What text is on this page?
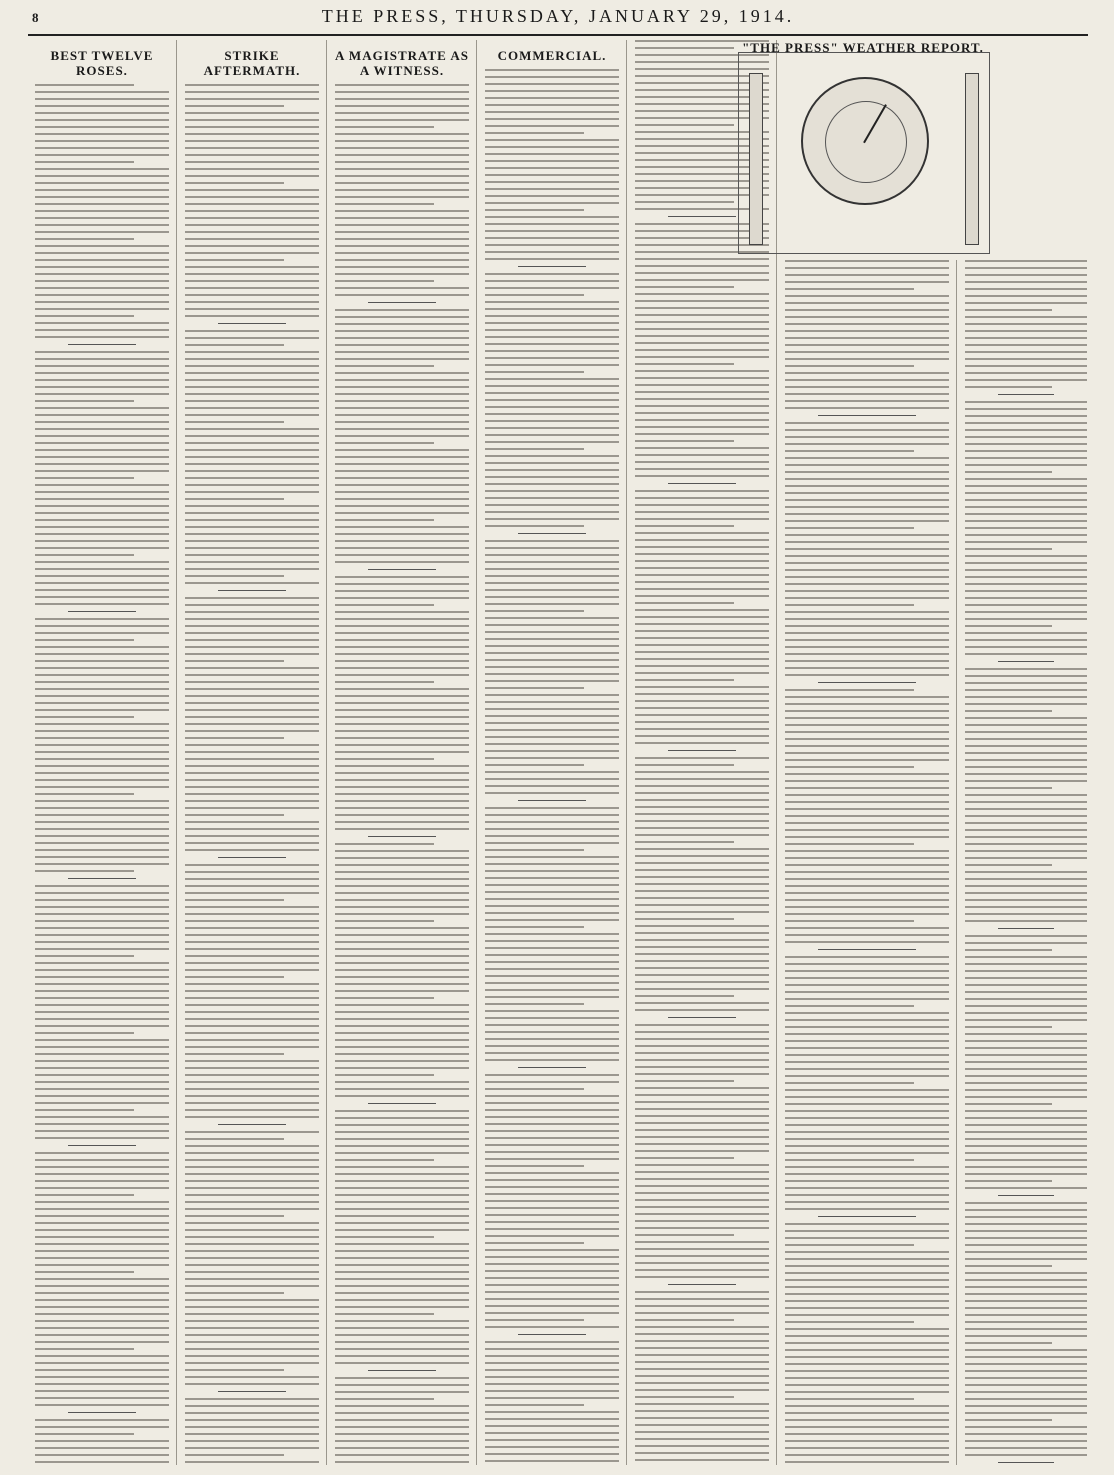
8	THE PRESS, THURSDAY, JANUARY 29, 1914.
BEST TWELVE ROSES.
STRIKE AFTERMATH.
A MAGISTRATE AS A WITNESS.
COMMERCIAL.
"THE PRESS" WEATHER REPORT.
